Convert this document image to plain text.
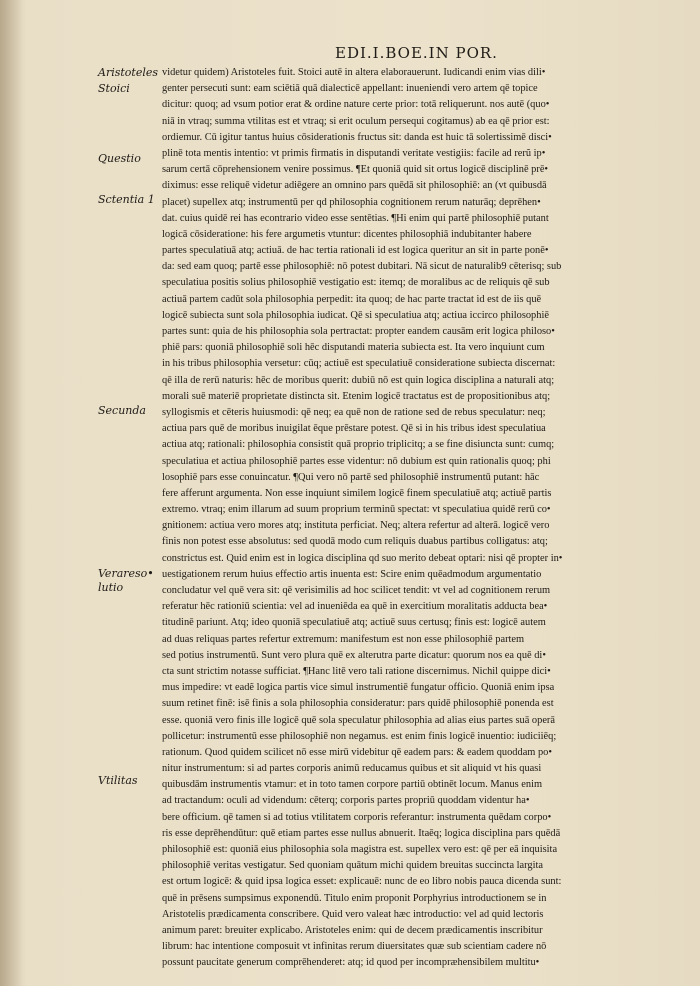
EDI.I.BOE.IN POR.
Aristoteles
Stoici
Questio
Sctentia 1
Secunda
Verareso•
lutio
Vtilitas
videtur quidem) Aristoteles fuit. Stoici autē in altera elaborauerunt. Iudicandi enim vias dili•
genter persecuti sunt: eam sciētiā quā dialecticē appellant: inueniendi vero artem qē topice
dicitur: quoq; ad vsum potior erat & ordine nature certe prior: totā reliquerunt. nos autē (quo•
niā in vtraq; summa vtilitas est et vtraq; si erit oculum persequi cogitamus) ab ea qē prior est:
ordiemur. Cū igitur tantus huius cōsiderationis fructus sit: danda est huic tā solertissimē disci•
plinē tota mentis intentio: vt primis firmatis in disputandi veritate vestigiis: facile ad rerũ ip•
sarum certā cōprehensionem venire possimus. ¶Et quoniā quid sit ortus logicē disciplinē prē•
diximus: esse reliquē videtur adiēgere an omnino pars quēdā sit philosophiē: an (vt quibusdā
placet) supellex atq; instrumentū per qd philosophia cognitionem rerum naturāq; deprēhen•
dat. cuius quidē rei has econtrario video esse sentētias. ¶Hi enim qui partē philosophiē putant
logicā cōsideratione: his fere argumetis vtuntur: dicentes philosophiā indubitanter habere
partes speculatiuā atq; actiuā. de hac tertia rationali id est logica queritur an sit in parte ponē•
da: sed eam quoq; partē esse philosophiē: nō potest dubitari. Nā sicut de naturalib9 cēterisq; sub
speculatiua positis solius philosophiē vestigatio est: itemq; de moralibus ac de reliquis qē sub
actiuā partem cadūt sola philosophia perpedit: ita quoq; de hac parte tractat id est de iis quē
logicē subiecta sunt sola philosophia iudicat. Qē si speculatiua atq; actiua iccirco philosophiē
partes sunt: quia de his philosophia sola pertractat: propter eandem causām erit logica philoso•
phiē pars: quoniā philosophiē soli hēc disputandi materia subiecta est. Ita vero inquiunt cum
in his tribus philosophia versetur: cūq; actiuē est speculatiuē consideratione subiecta discernat:
qē illa de rerū naturis: hēc de moribus querit: dubiū nō est quin logica disciplina a naturali atq;
morali suē materiē proprietate distincta sit. Etenim logicē tractatus est de propositionibus atq;
syllogismis et cēteris huiusmodi: qē neq; ea quē non de ratione sed de rebus speculatur: neq;
actiua pars quē de moribus inuigilat ēque prēstare potest. Qē si in his tribus idest speculatiua
actiua atq; rationali: philosophia consistit quā proprio triplicitq; a se fine disiuncta sunt: cumq;
speculatiua et actiua philosophiē partes esse videntur: nō dubium est quin rationalis quoq; phi
losophiē pars esse conuincatur. ¶Qui vero nō partē sed philosophiē instrumentū putant: hāc
fere afferunt argumenta. Non esse inquiunt similem logicē finem speculatiuē atq; actiuē partis
extremo. vtraq; enim illarum ad suum proprium terminū spectat: vt speculatiua quidē rerū co•
gnitionem: actiua vero mores atq; instituta perficiat. Neq; altera refertur ad alterā. logicē vero
finis non potest esse absolutus: sed quodā modo cum reliquis duabus partibus colligatus: atq;
constrictus est. Quid enim est in logica disciplina qd suo merito debeat optari: nisi qē propter in•
uestigationem rerum huius effectio artis inuenta est: Scire enim quēadmodum argumentatio
concludatur vel quē vera sit: qē verisimilis ad hoc scilicet tendit: vt vel ad cognitionem rerum
referatur hēc rationiū scientia: vel ad inueniēda ea quē in exercitium moralitatis adducta bea•
titudinē pariunt. Atq; ideo quoniā speculatiuē atq; actiuē suus certusq; finis est: logicē autem
ad duas reliquas partes refertur extremum: manifestum est non esse philosophiē partem
sed potius instrumentū. Sunt vero plura quē ex alterutra parte dicatur: quorum nos ea quē di•
cta sunt strictim notasse sufficiat. ¶Hanc litē vero tali ratione discernimus. Nichil quippe dici•
mus impedire: vt eadẽ logica partis vice simul instrumentiē fungatur officio. Quoniā enim ipsa
suum retinet finē: isē finis a sola philosophia consideratur: pars quidē philosophiē ponenda est
esse. quoniā vero finis ille logicē quē sola speculatur philosophia ad alias eius partes suā operā
pollicetur: instrumentū esse philosophiē non negamus. est enim finis logicē inuentio: iudiciiēq;
rationum. Quod quidem scilicet nō esse mirū videbitur qē eadem pars: & eadem quoddam po•
nitur instrumentum: si ad partes corporis animū reducamus quibus et sit aliquid vt his quasi
quibusdām instrumentis vtamur: et in toto tamen corpore partiū obtinēt locum. Manus enim
ad tractandum: oculi ad videndum: cēterq; corporis partes propriū quoddam videntur ha•
bere officium. qē tamen si ad totius vtilitatem corporis referantur: instrumenta quēdam corpo•
ris esse deprēhendūtur: quē etiam partes esse nullus abnuerit. Itaēq; logica disciplina pars quēdā
philosophiē est: quoniā eius philosophia sola magistra est. supellex vero est: qē per eā inquisita
philosophiē veritas vestigatur. Sed quoniam quātum michi quidem breuitas succincta largita
est ortum logicē: & quid ipsa logica esset: explicauē: nunc de eo libro nobis pauca dicenda sunt:
quē in prēsens sumpsimus exponendū. Titulo enim proponit Porphyrius introductionem se in
Aristotelis prædicamenta conscribere. Quid vero valeat hæc introductio: vel ad quid lectoris
animum paret: breuiter explicabo. Aristoteles enim: qui de decem prædicamentis inscribitur
librum: hac intentione composuit vt infinitas rerum diuersitates quæ sub scientiam cadere nō
possunt paucitate generum comprēhenderet: atq; id quod per incompræhensibilem multitu•
